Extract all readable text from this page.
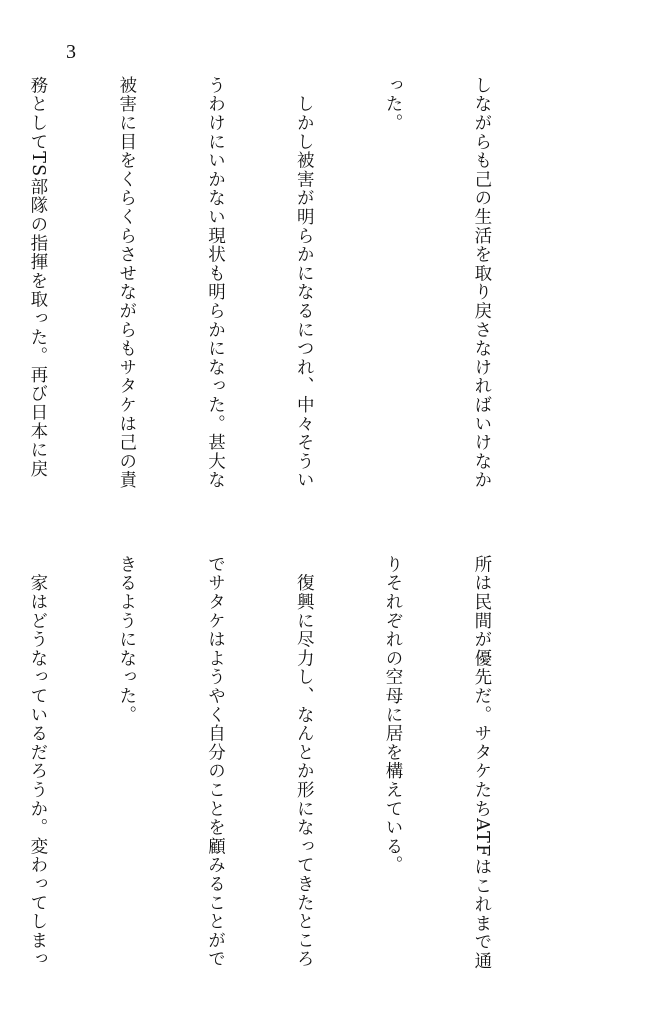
3

しながらも己の生活を取り戻さなければいけなか

った。

　しかし被害が明らかになるにつれ、中々そうい

うわけにいかない現状も明らかになった。甚大な

被害に目をくらくらさせながらもサタケは己の責

務としてTS部隊の指揮を取った。再び日本に戻

所は民間が優先だ。サタケたちATFはこれまで通

りそれぞれの空母に居を構えている。

　復興に尽力し、なんとか形になってきたところ

でサタケはようやく自分のことを顧みることがで

きるようになった。

　家はどうなっているだろうか。変わってしまっ
